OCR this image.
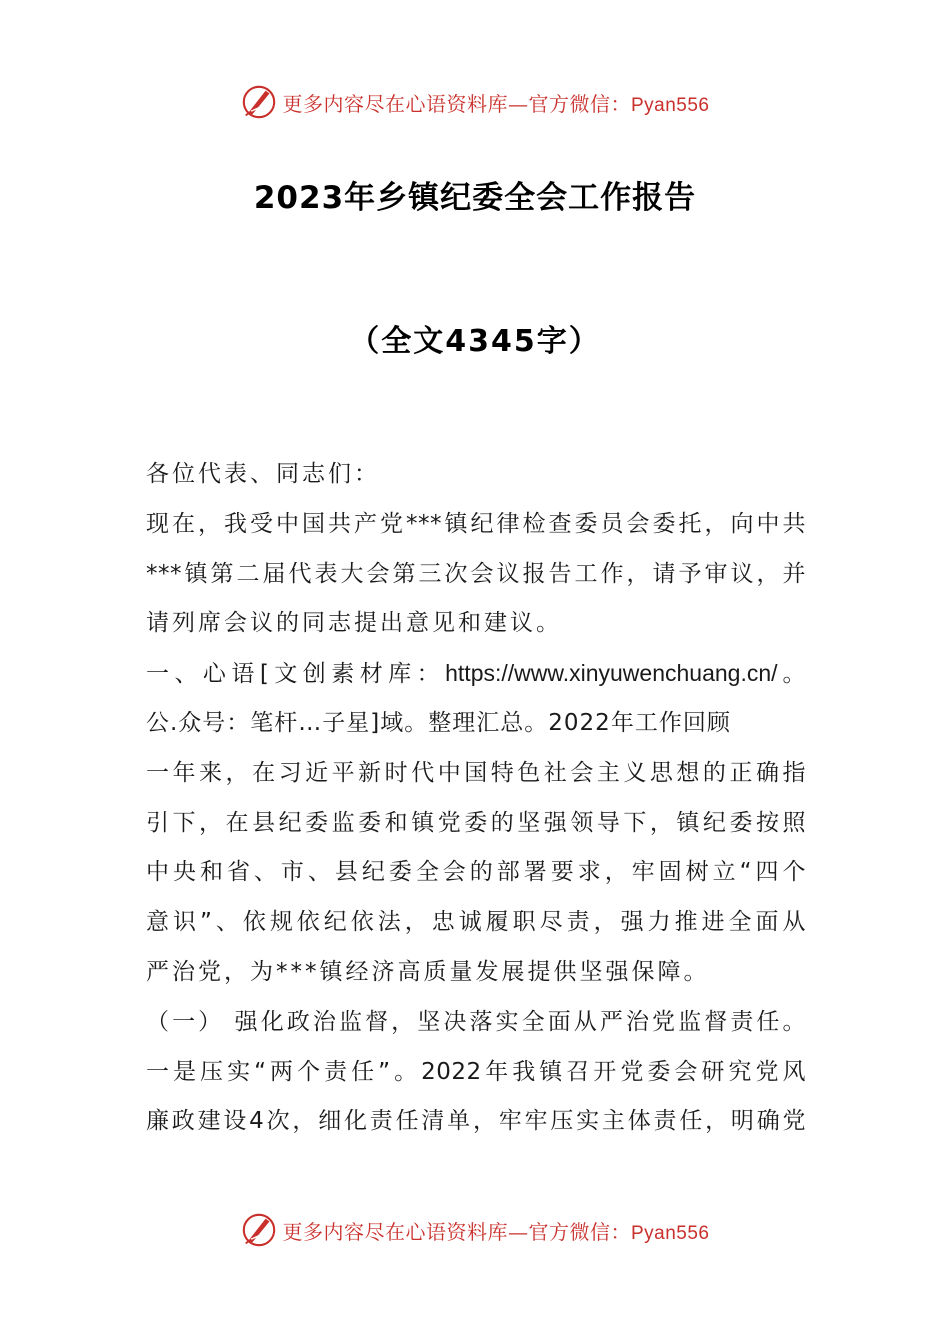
更多内容尽在心语资料库—官方微信：Pyan556
2023年乡镇纪委全会工作报告
（全文4345字）
各位代表、同志们：
现在，我受中国共产党***镇纪律检查委员会委托，向中共
***镇第二届代表大会第三次会议报告工作，请予审议，并
请列席会议的同志提出意见和建议。
一、心语[文创素材库：https://www.xinyuwenchuang.cn/。
公.众号：笔杆…子星]域。整理汇总。2022年工作回顾
一年来，在习近平新时代中国特色社会主义思想的正确指
引下，在县纪委监委和镇党委的坚强领导下，镇纪委按照
中央和省、市、县纪委全会的部署要求，牢固树立“四个
意识”、依规依纪依法，忠诚履职尽责，强力推进全面从
严治党，为***镇经济高质量发展提供坚强保障。
（一） 强化政治监督，坚决落实全面从严治党监督责任。
一是压实“两个责任”。2022年我镇召开党委会研究党风
廉政建设4次，细化责任清单，牢牢压实主体责任，明确党
更多内容尽在心语资料库—官方微信：Pyan556
